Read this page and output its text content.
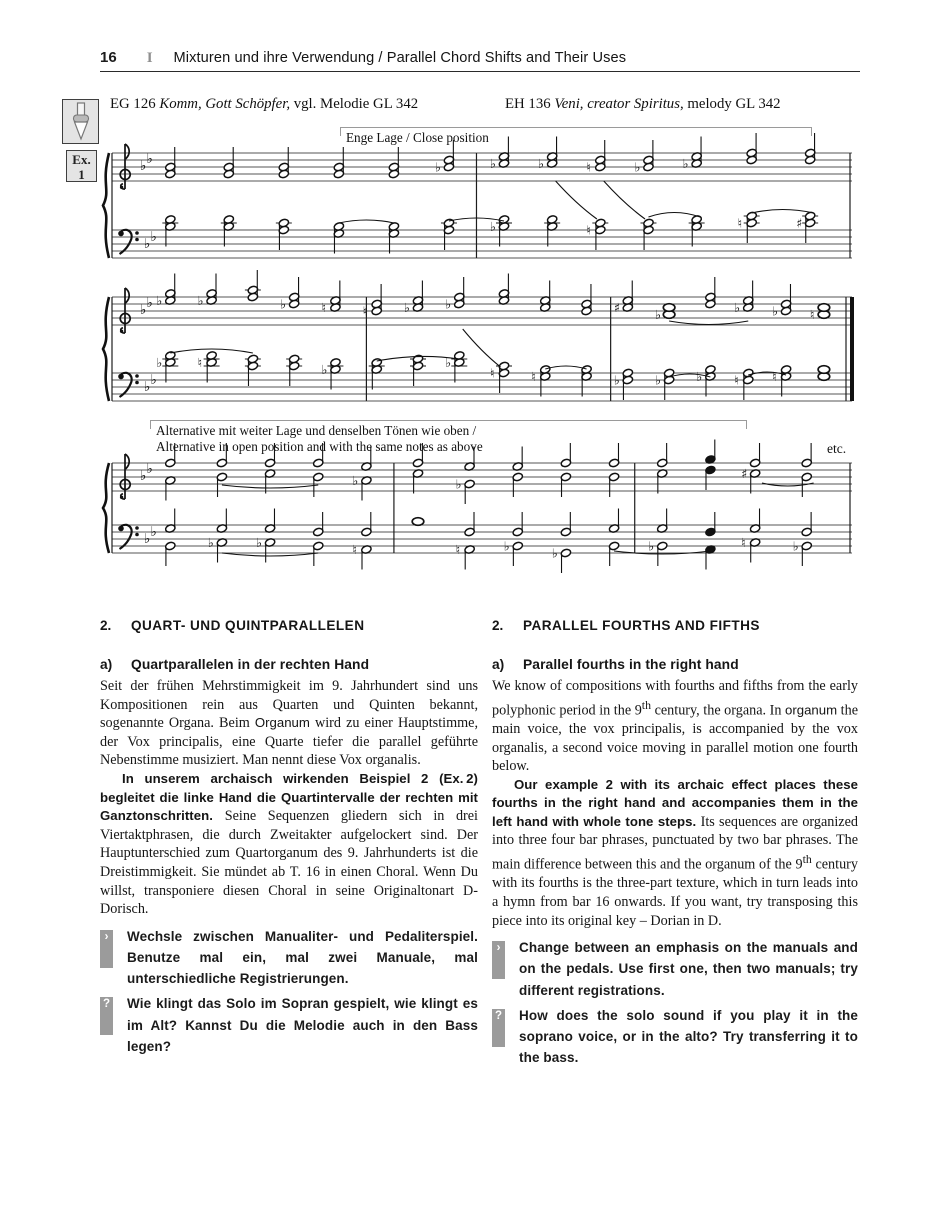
16 I Mixturen und ihre Verwendung / Parallel Chord Shifts and Their Uses
EG 126 Komm, Gott Schöpfer, vgl. Melodie GL 342	EH 136 Veni, creator Spiritus, melody GL 342
Enge Lage / Close position
Ex.
1	♭ ♭
♭ ♭
♭	♭
♭
♭	♮
♮
♭	♭
♮	♯
♭ ♭
♭ ♭
♭
♭
♭
♮
♭	♮
♭
♮	♭	♭
♭
♮	♮
♯
♭
♭
♭	♭
♭
♮
♭
♮
♮
♭ ♭
♭ ♭
♭	♭
♭
♮
♭
♮	♭	♭	♭
♯
♮	♭
Alternative mit weiter Lage und denselben Tönen wie oben /
Alternative in open position and with the same notes as above	etc.
2.	QUART- UND QUINTPARALLELEN
a)	Quartparallelen in der rechten Hand

Seit der frühen Mehrstimmigkeit im 9. Jahrhundert sind uns Kompositionen rein aus Quarten und Quinten bekannt, sogenannte Organa. Beim Organum wird zu einer Hauptstimme, der Vox principalis, eine Quarte tiefer die parallel geführte Nebenstimme musiziert. Man nennt diese Vox organalis.

In unserem archaisch wirkenden Beispiel 2 (Ex. 2) begleitet die linke Hand die Quartintervalle der rechten mit Ganztonschritten. Seine Sequenzen gliedern sich in drei Viertaktphrasen, die durch Zweitakter aufgelockert sind. Der Hauptunterschied zum Quartorganum des 9. Jahrhunderts ist die Dreistimmigkeit. Sie mündet ab T. 16 in einen Choral. Wenn Du willst, transponiere diesen Choral in seine Originaltonart D-Dorisch.

›	Wechsle zwischen Manualiter- und Pedaliterspiel. Benutze mal ein, mal zwei Manuale, mal unterschiedliche Registrierungen.
? Wie klingt das Solo im Sopran gespielt, wie klingt es im Alt? Kannst Du die Melodie auch in den Bass legen?
2.	PARALLEL FOURTHS AND FIFTHS
a)	Parallel fourths in the right hand

We know of compositions with fourths and fifths from the early polyphonic period in the 9th century, the organa. In organum the main voice, the vox principalis, is accompanied by the vox organalis, a second voice moving in parallel motion one fourth below.

Our example 2 with its archaic effect places these fourths in the right hand and accompanies them in the left hand with whole tone steps. Its sequences are organized into three four bar phrases, punctuated by two bar phrases. The main difference between this and the organum of the 9th century with its fourths is the three-part texture, which in turn leads into a hymn from bar 16 onwards. If you want, try transposing this piece into its original key – Dorian in D.

›	Change between an emphasis on the manuals and on the pedals. Use first one, then two manuals; try different registrations.
? How does the solo sound if you play it in the soprano voice, or in the alto? Try transferring it to the bass.
